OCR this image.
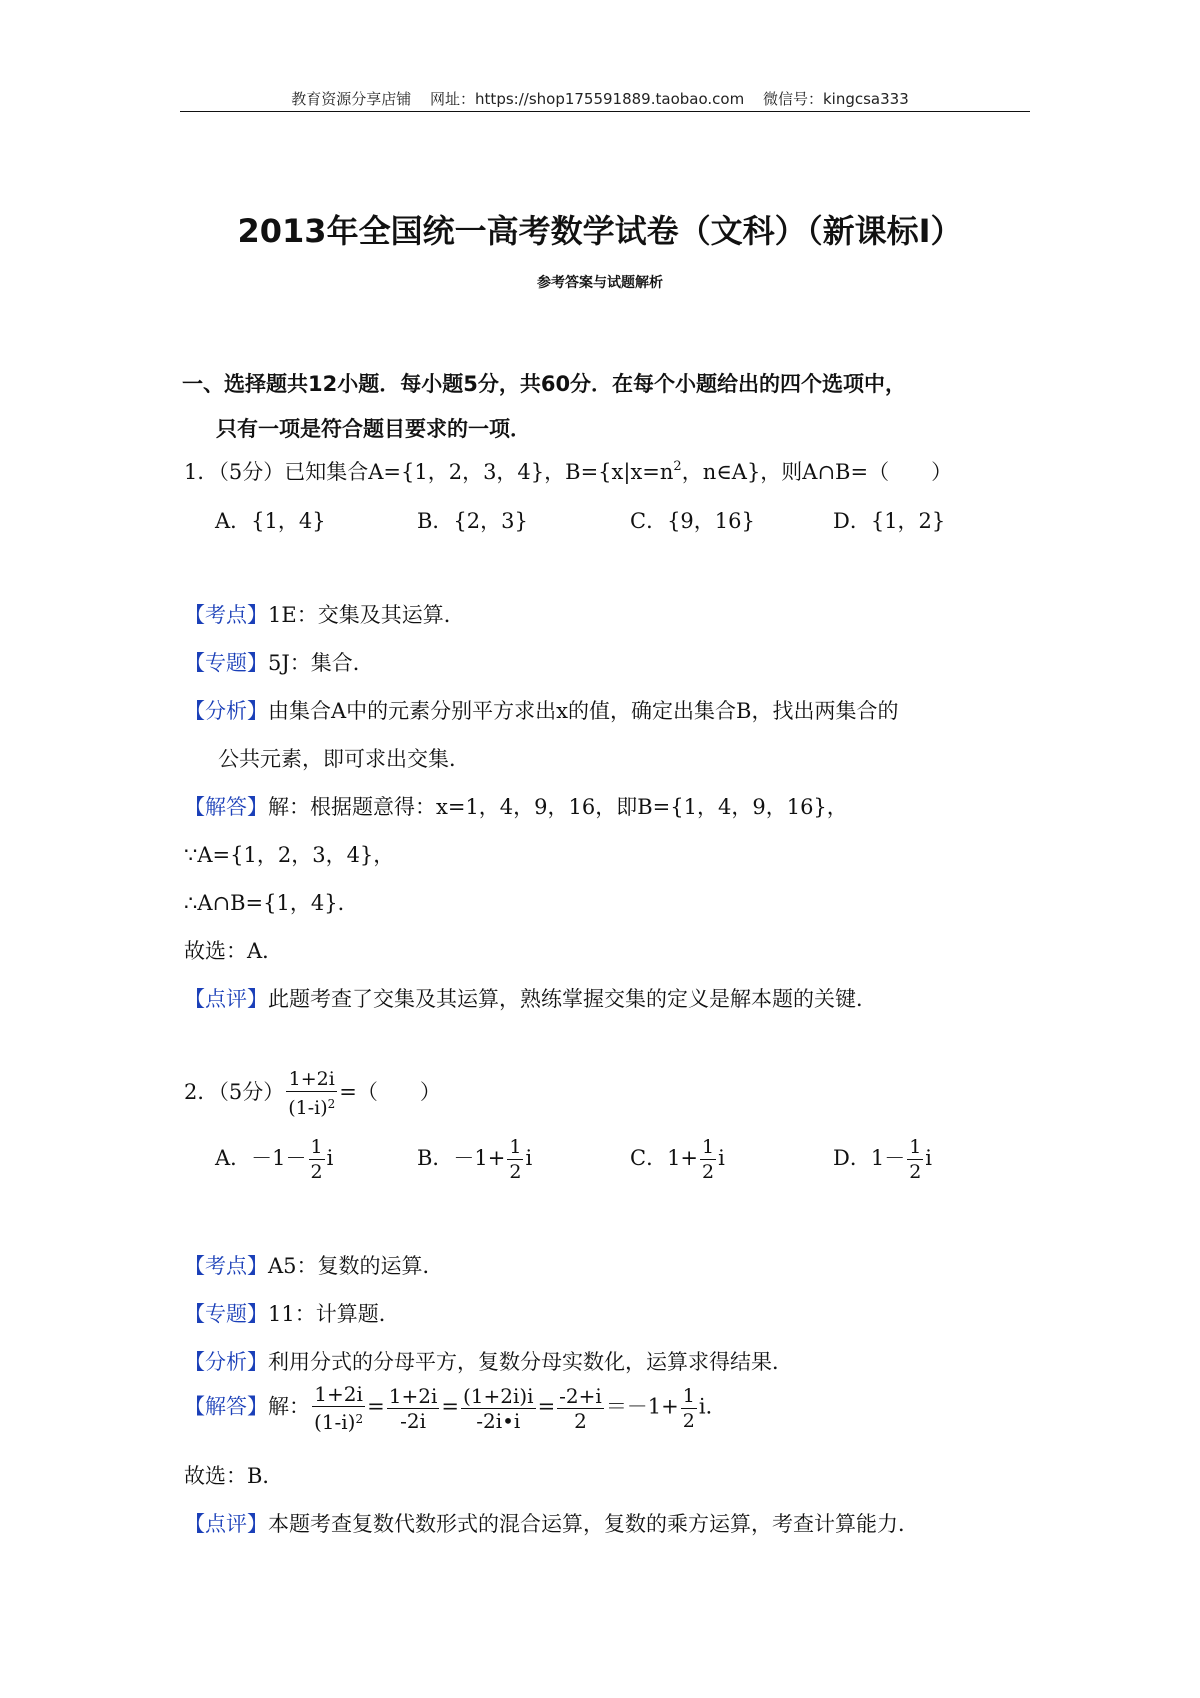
教育资源分享店铺 网址：https://shop175591889.taobao.com 微信号：kingcsa333
2013年全国统一高考数学试卷（文科）（新课标Ⅰ）
参考答案与试题解析
一、选择题共12小题．每小题5分，共60分．在每个小题给出的四个选项中，
只有一项是符合题目要求的一项．
1．（5分）已知集合A={1，2，3，4}，$B=\{x|x=n^2$，n∈A}，则A∩B=（　　）
A．{1，4}	B．{2，3}	C．{9，16}	D．{1，2}
【考点】1E：交集及其运算．
【专题】5J：集合．
【分析】由集合A中的元素分别平方求出x的值，确定出集合B，找出两集合的
公共元素，即可求出交集．
【解答】解：根据题意得：x=1，4，9，16，即B={1，4，9，16}，
∵A={1，2，3，4}，
∴A∩B={1，4}．
故选：A．
【点评】此题考查了交集及其运算，熟练掌握交集的定义是解本题的关键．
2．（5分） $\frac{1+2i}{(1-i)^2}$ =（　　）
A．$-1- \frac{1}{2}$ i	B．$-1+ \frac{1}{2}$ i	C．$1+ \frac{1}{2}$ i	D．$1- \frac{1}{2}$ i
【考点】A5：复数的运算．
【专题】11：计算题．
【分析】利用分式的分母平方，复数分母实数化，运算求得结果．
【解答】解： $\frac{1+2i}{(1-i)^2} = \frac{1+2i}{-2i} = \frac{(1+2i)i}{-2i•i} = \frac{-2+i}{2} =-1+ \frac{1}{2}$ i．
故选：B．
【点评】本题考查复数代数形式的混合运算，复数的乘方运算，考查计算能力．
